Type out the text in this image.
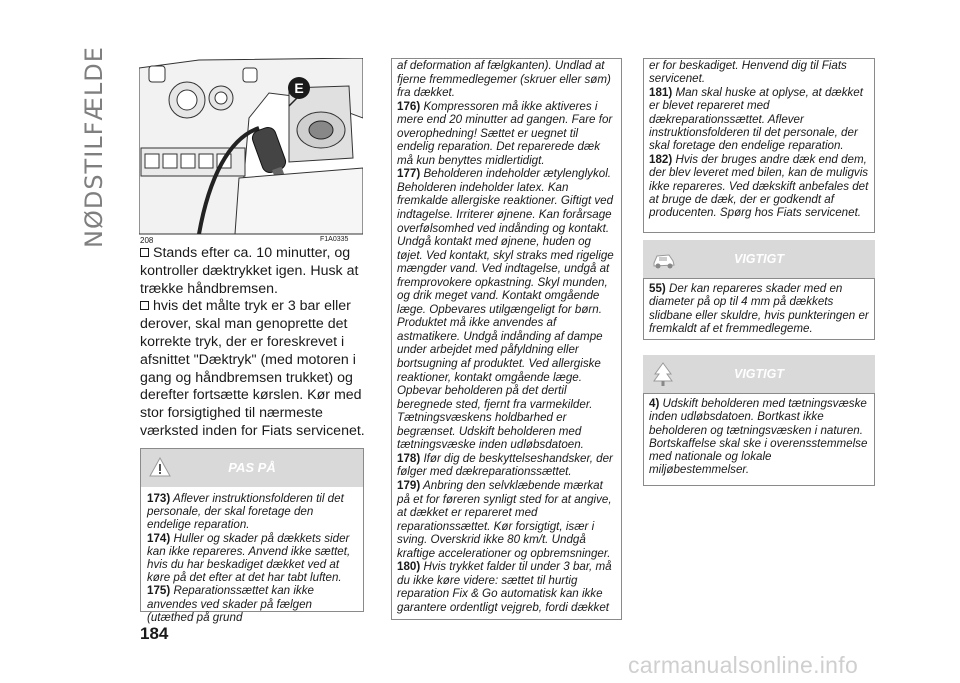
NØDSTILFÆLDE	E
208	F1A0335

Stands efter ca. 10 minutter, og kontroller dæktrykket igen. Husk at trække håndbremsen.

hvis det målte tryk er 3 bar eller derover, skal man genoprette det korrekte tryk, der er foreskrevet i afsnittet "Dæktryk" (med motoren i gang og håndbremsen trukket) og derefter fortsætte kørslen. Kør med stor forsigtighed til nærmeste værksted inden for Fiats servicenet.

PAS PÅ

173) Aflever instruktionsfolderen til det personale, der skal foretage den endelige reparation.

174) Huller og skader på dækkets sider kan ikke repareres. Anvend ikke sættet, hvis du har beskadiget dækket ved at køre på det efter at det har tabt luften.

175) Reparationssættet kan ikke anvendes ved skader på fælgen (utæthed på grund

af deformation af fælgkanten). Undlad at fjerne fremmedlegemer (skruer eller søm) fra dækket.

176) Kompressoren må ikke aktiveres i mere end 20 minutter ad gangen. Fare for overophedning! Sættet er uegnet til endelig reparation. Det reparerede dæk må kun benyttes midlertidigt.

177) Beholderen indeholder ætylenglykol. Beholderen indeholder latex. Kan fremkalde allergiske reaktioner. Giftigt ved indtagelse. Irriterer øjnene. Kan forårsage overfølsomhed ved indånding og kontakt. Undgå kontakt med øjnene, huden og tøjet. Ved kontakt, skyl straks med rigelige mængder vand. Ved indtagelse, undgå at fremprovokere opkastning. Skyl munden, og drik meget vand. Kontakt omgående læge. Opbevares utilgængeligt for børn. Produktet må ikke anvendes af astmatikere. Undgå indånding af dampe under arbejdet med påfyldning eller bortsugning af produktet. Ved allergiske reaktioner, kontakt omgående læge. Opbevar beholderen på det dertil beregnede sted, fjernt fra varmekilder. Tætningsvæskens holdbarhed er begrænset. Udskift beholderen med tætningsvæske inden udløbsdatoen.

178) Ifør dig de beskyttelseshandsker, der følger med dækreparationssættet.

179) Anbring den selvklæbende mærkat på et for føreren synligt sted for at angive, at dækket er repareret med reparationssættet. Kør forsigtigt, især i sving. Overskrid ikke 80 km/t. Undgå kraftige accelerationer og opbremsninger.

180) Hvis trykket falder til under 3 bar, må du ikke køre videre: sættet til hurtig reparation Fix & Go automatisk kan ikke garantere ordentligt vejgreb, fordi dækket

er for beskadiget. Henvend dig til Fiats servicenet.

181) Man skal huske at oplyse, at dækket er blevet repareret med dækreparationssættet. Aflever instruktionsfolderen til det personale, der skal foretage den endelige reparation.

182) Hvis der bruges andre dæk end dem, der blev leveret med bilen, kan de muligvis ikke repareres. Ved dækskift anbefales det at bruge de dæk, der er godkendt af producenten. Spørg hos Fiats servicenet.

VIGTIGT

55) Der kan repareres skader med en diameter på op til 4 mm på dækkets slidbane eller skuldre, hvis punkteringen er fremkaldt af et fremmedlegeme.

VIGTIGT

4) Udskift beholderen med tætningsvæske inden udløbsdatoen. Bortkast ikke beholderen og tætningsvæsken i naturen. Bortskaffelse skal ske i overensstemmelse med nationale og lokale miljøbestemmelser.

184
carmanualsonline.info
